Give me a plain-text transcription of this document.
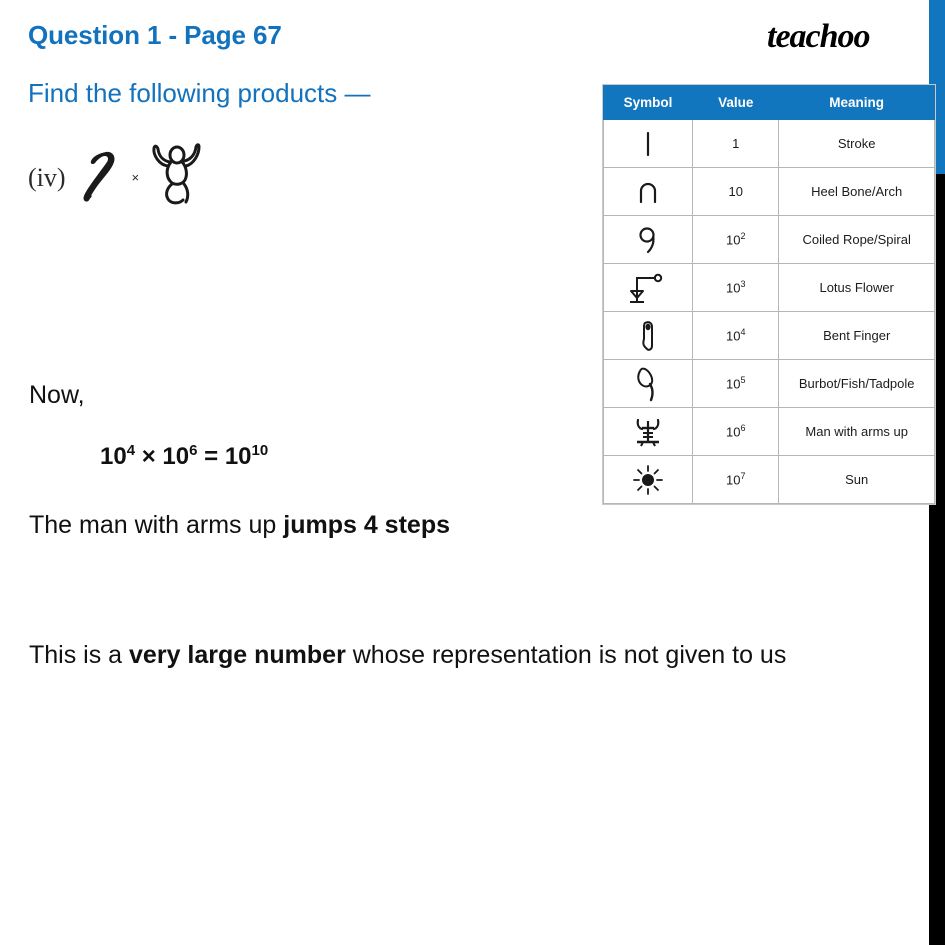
Question 1 - Page 67
Find the following products —
teachoo
(iv)	×
Symbol	Value	Meaning
	1	Stroke
	10	Heel Bone/Arch
	$10^2$	Coiled Rope/Spiral
	$10^3$	Lotus Flower
	$10^4$	Bent Finger
	$10^5$	Burbot/Fish/Tadpole
	$10^6$	Man with arms up
	$10^7$	Sun
Now,
$10^4 \times 10^6 = 10^{10}$
The man with arms up jumps 4 steps
This is a very large number whose representation is not given to us
